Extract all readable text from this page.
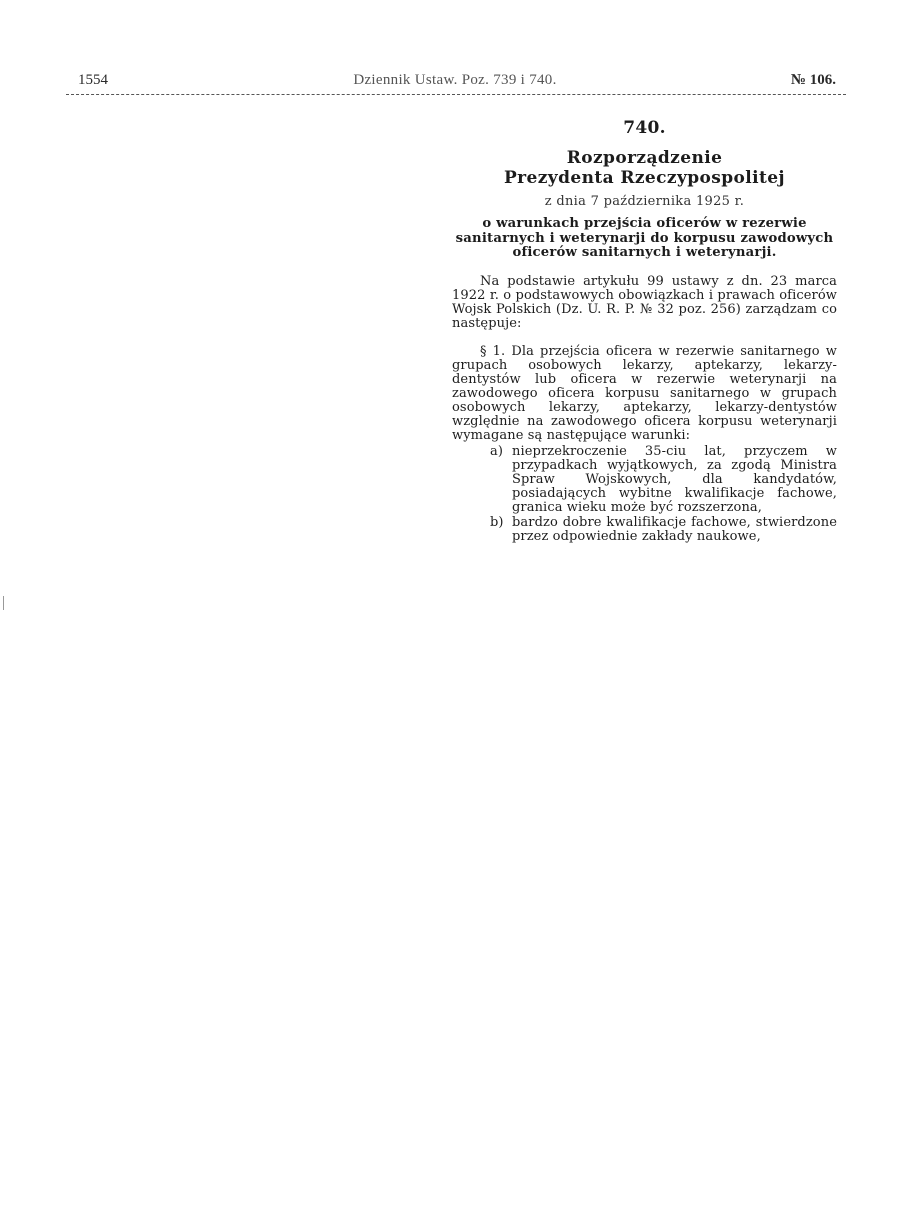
1554	Dziennik Ustaw. Poz. 739 i 740.	№ 106.
740.
Rozporządzenie
Prezydenta Rzeczypospolitej
z dnia 7 października 1925 r.
o warunkach przejścia oficerów w rezerwie sanitarnych i weterynarji do korpusu zawodowych oficerów sanitarnych i weterynarji.

Na podstawie artykułu 99 ustawy z dn. 23 marca 1922 r. o podstawowych obowiązkach i prawach oficerów Wojsk Polskich (Dz. U. R. P. № 32 poz. 256) zarządzam co następuje:

§ 1. Dla przejścia oficera w rezerwie sanitarnego w grupach osobowych lekarzy, aptekarzy, lekarzy-dentystów lub oficera w rezerwie weterynarji na zawodowego oficera korpusu sanitarnego w grupach osobowych lekarzy, aptekarzy, lekarzy-dentystów względnie na zawodowego oficera korpusu weterynarji wymagane są następujące warunki:

a) nieprzekroczenie 35-ciu lat, przyczem w przypadkach wyjątkowych, za zgodą Ministra Spraw Wojskowych, dla kandydatów, posiadających wybitne kwalifikacje fachowe, granica wieku może być rozszerzona,
b) bardzo dobre kwalifikacje fachowe, stwierdzone przez odpowiednie zakłady naukowe,
